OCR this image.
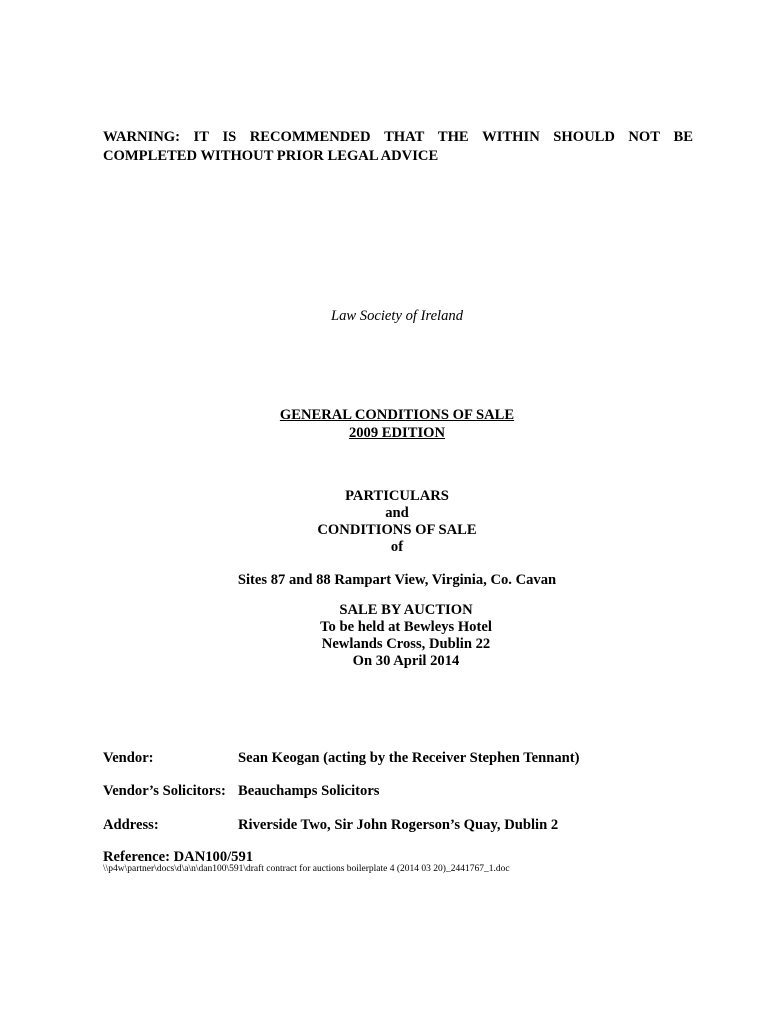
WARNING: IT IS RECOMMENDED THAT THE WITHIN SHOULD NOT BE
COMPLETED WITHOUT PRIOR LEGAL ADVICE
Law Society of Ireland
GENERAL CONDITIONS OF SALE
2009 EDITION
PARTICULARS
and
CONDITIONS OF SALE
of
Sites 87 and 88 Rampart View, Virginia, Co. Cavan
SALE BY AUCTION
To be held at Bewleys Hotel
Newlands Cross, Dublin 22
On 30 April 2014
Vendor:	Sean Keogan (acting by the Receiver Stephen Tennant)
Vendor’s Solicitors: Beauchamps Solicitors
Address:	Riverside Two, Sir John Rogerson’s Quay, Dublin 2
Reference: DAN100/591
\\p4w\partner\docs\d\a\n\dan100\591\draft contract for auctions boilerplate 4 (2014 03 20)_2441767_1.doc
